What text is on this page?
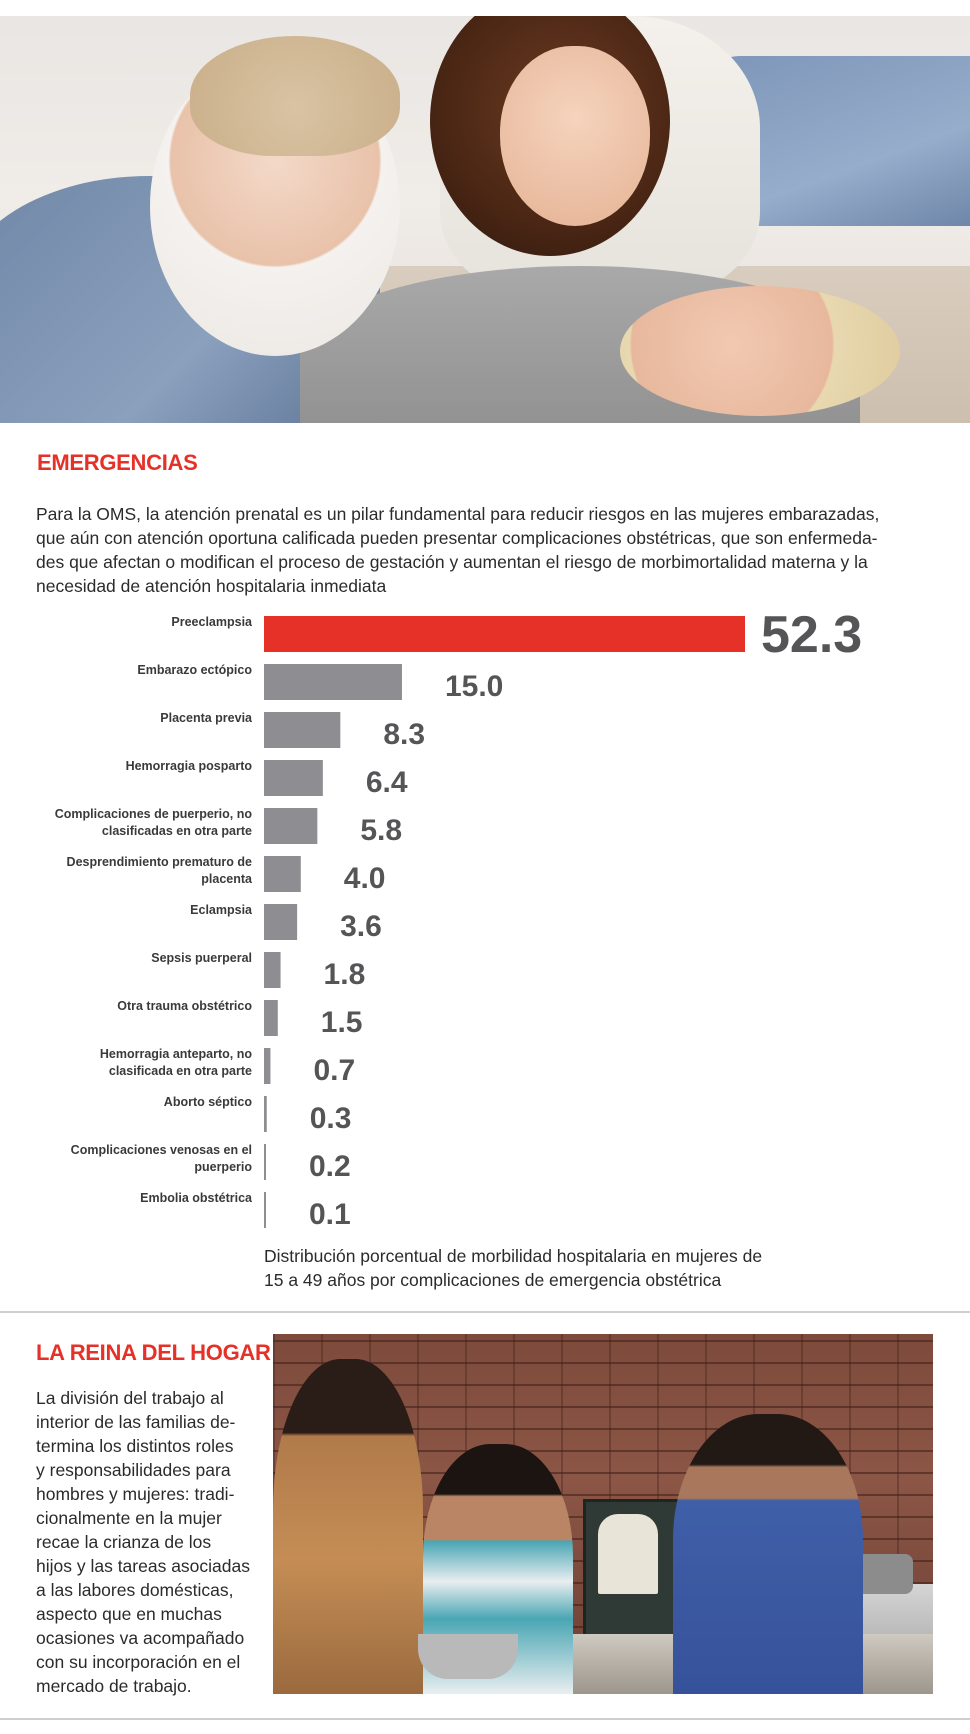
EMERGENCIAS
Para la OMS, la atención prenatal es un pilar fundamental para reducir riesgos en las mujeres embarazadas,
que aún con atención oportuna calificada pueden presentar complicaciones obstétricas, que son enfermeda-
des que afectan o modifican el proceso de gestación y aumentan el riesgo de morbimortalidad materna y la
necesidad de atención hospitalaria inmediata
Preeclampsia	52.3
Embarazo ectópico	15.0
Placenta previa	8.3
Hemorragia posparto	6.4
Complicaciones de puerperio, no clasificadas en otra parte	5.8
Desprendimiento prematuro de placenta	4.0
Eclampsia	3.6
Sepsis puerperal 1.8
Otra trauma obstétrico 1.5
Hemorragia anteparto, no clasificada en otra parte 0.7
Aborto séptico 0.3
Complicaciones venosas en el puerperio 0.2
Embolia obstétrica 0.1
Distribución porcentual de morbilidad hospitalaria en mujeres de
15 a 49 años por complicaciones de emergencia obstétrica
LA REINA DEL HOGAR
La división del trabajo al
interior de las familias de-
termina los distintos roles
y responsabilidades para
hombres y mujeres: tradi-
cionalmente en la mujer
recae la crianza de los
hijos y las tareas asociadas
a las labores domésticas,
aspecto que en muchas
ocasiones va acompañado
con su incorporación en el
mercado de trabajo.
